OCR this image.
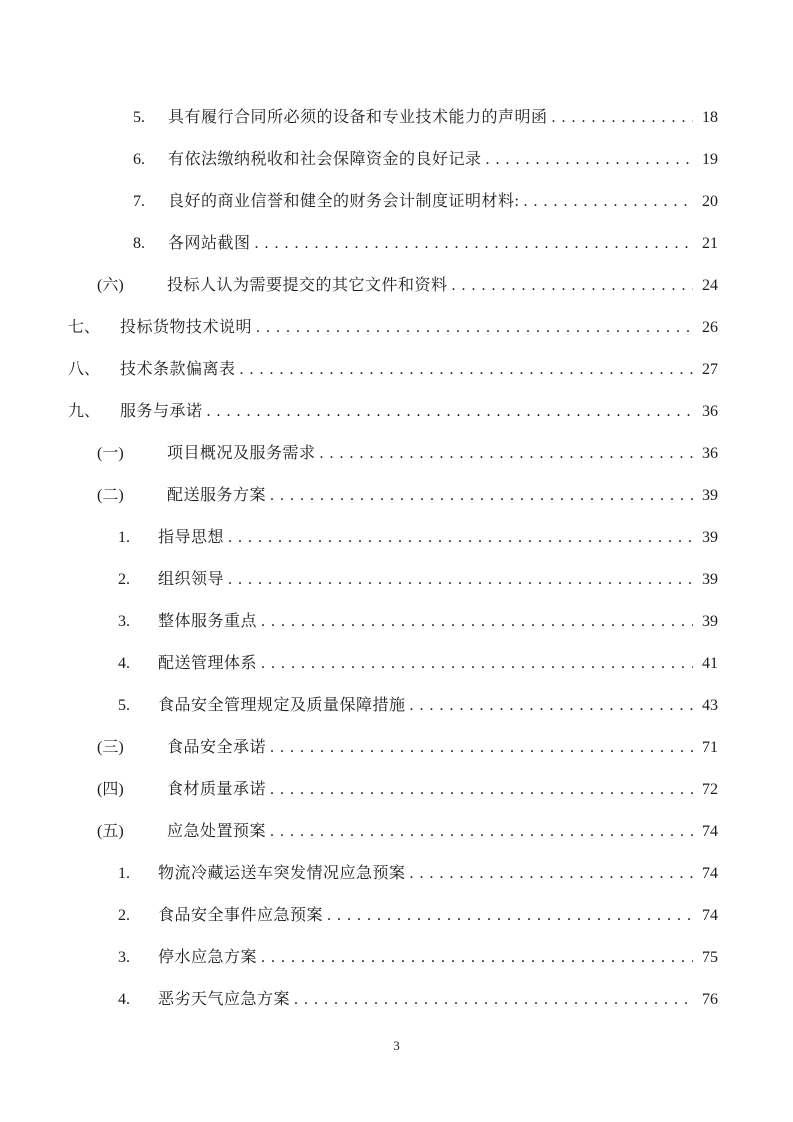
5.	具有履行合同所必须的设备和专业技术能力的声明函 .....	18
6.	有依法缴纳税收和社会保障资金的良好记录 .....	19
7.	良好的商业信誉和健全的财务会计制度证明材料: .....	20
8.	各网站截图 .....	21
(六)	投标人认为需要提交的其它文件和资料 .....	24
七、	投标货物技术说明 .....	26
八、	技术条款偏离表 .....	27
九、	服务与承诺 .....	36
(一)	项目概况及服务需求 .....	36
(二)	配送服务方案 .....	39
1.	指导思想 .....	39
2.	组织领导 .....	39
3.	整体服务重点 .....	39
4.	配送管理体系 .....	41
5.	食品安全管理规定及质量保障措施 .....	43
(三)	食品安全承诺 .....	71
(四)	食材质量承诺 .....	72
(五)	应急处置预案 .....	74
1.	物流冷藏运送车突发情况应急预案 .....	74
2.	食品安全事件应急预案 .....	74
3.	停水应急方案 .....	75
4.	恶劣天气应急方案 .....	76
3
